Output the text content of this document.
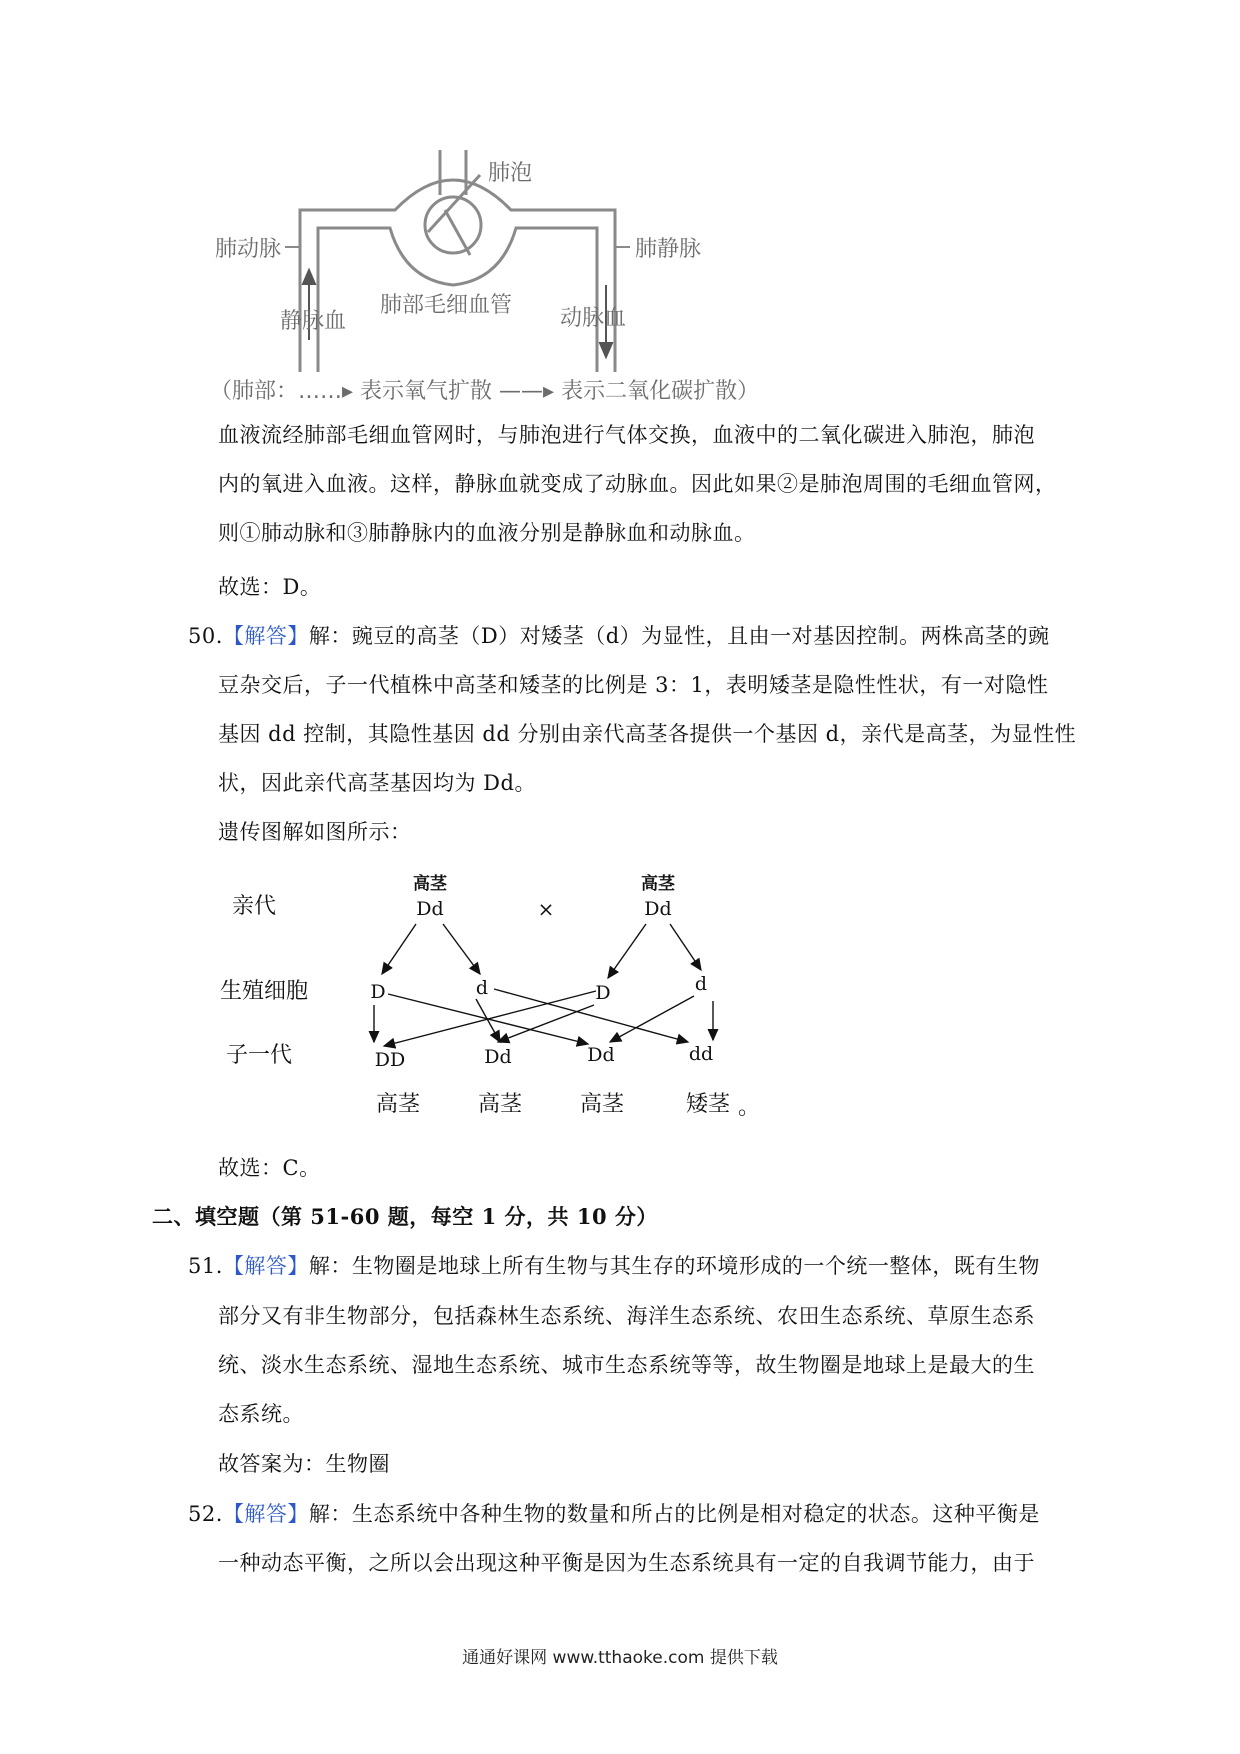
肺泡
肺动脉	肺静脉
肺部毛细血管
静脉血	动脉血
（肺部：……▸ 表示氧气扩散 ——▸ 表示二氧化碳扩散）
血液流经肺部毛细血管网时，与肺泡进行气体交换，血液中的二氧化碳进入肺泡，肺泡
内的氧进入血液。这样，静脉血就变成了动脉血。因此如果②是肺泡周围的毛细血管网，
则①肺动脉和③肺静脉内的血液分别是静脉血和动脉血。
故选：D。
50.【解答】解：豌豆的高茎（D）对矮茎（d）为显性，且由一对基因控制。两株高茎的豌
豆杂交后，子一代植株中高茎和矮茎的比例是 3：1，表明矮茎是隐性性状，有一对隐性
基因 dd 控制，其隐性基因 dd 分别由亲代高茎各提供一个基因 d，亲代是高茎，为显性性
状，因此亲代高茎基因均为 Dd。
遗传图解如图所示：
亲代
生殖细胞
子一代
高茎
Dd	×
高茎
Dd
D	d	D	d
DD	Dd	Dd	dd
高茎	高茎	高茎	矮茎 。
故选：C。
二、填空题（第 51-60 题，每空 1 分，共 10 分）
51.【解答】解：生物圈是地球上所有生物与其生存的环境形成的一个统一整体，既有生物
部分又有非生物部分，包括森林生态系统、海洋生态系统、农田生态系统、草原生态系
统、淡水生态系统、湿地生态系统、城市生态系统等等，故生物圈是地球上是最大的生
态系统。
故答案为：生物圈
52.【解答】解：生态系统中各种生物的数量和所占的比例是相对稳定的状态。这种平衡是
一种动态平衡，之所以会出现这种平衡是因为生态系统具有一定的自我调节能力，由于
通通好课网 www.tthaoke.com 提供下载
